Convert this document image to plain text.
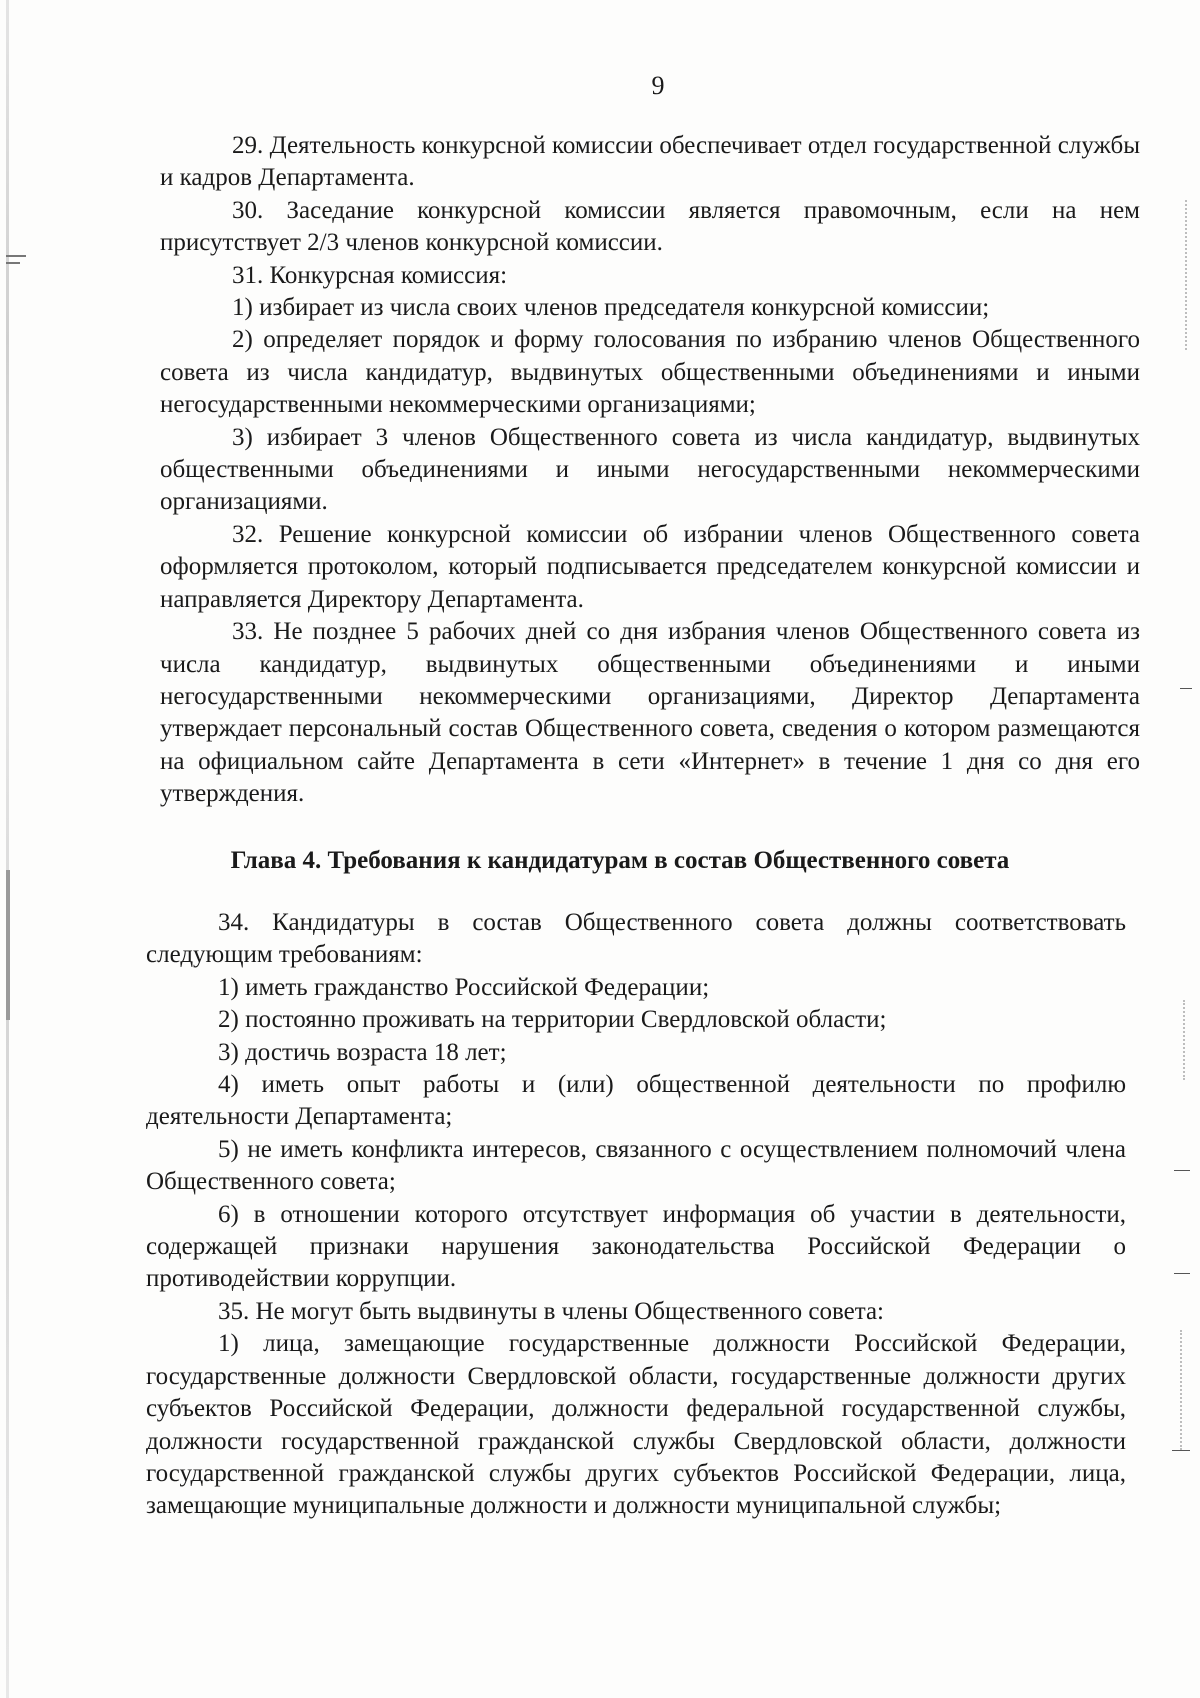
9

29. Деятельность конкурсной комиссии обеспечивает отдел государственной службы и кадров Департамента.

30. Заседание конкурсной комиссии является правомочным, если на нем присутствует 2/3 членов конкурсной комиссии.

31. Конкурсная комиссия:

1) избирает из числа своих членов председателя конкурсной комиссии;

2) определяет порядок и форму голосования по избранию членов Общественного совета из числа кандидатур, выдвинутых общественными объединениями и иными негосударственными некоммерческими организациями;

3) избирает 3 членов Общественного совета из числа кандидатур, выдвинутых общественными объединениями и иными негосударственными некоммерческими организациями.

32. Решение конкурсной комиссии об избрании членов Общественного совета оформляется протоколом, который подписывается председателем конкурсной комиссии и направляется Директору Департамента.

33. Не позднее 5 рабочих дней со дня избрания членов Общественного совета из числа кандидатур, выдвинутых общественными объединениями и иными негосударственными некоммерческими организациями, Директор Департамента утверждает персональный состав Общественного совета, сведения о котором размещаются на официальном сайте Департамента в сети «Интернет» в течение 1 дня со дня его утверждения.

Глава 4. Требования к кандидатурам в состав Общественного совета

34. Кандидатуры в состав Общественного совета должны соответствовать следующим требованиям:

1) иметь гражданство Российской Федерации;

2) постоянно проживать на территории Свердловской области;

3) достичь возраста 18 лет;

4) иметь опыт работы и (или) общественной деятельности по профилю деятельности Департамента;

5) не иметь конфликта интересов, связанного с осуществлением полномочий члена Общественного совета;

6) в отношении которого отсутствует информация об участии в деятельности, содержащей признаки нарушения законодательства Российской Федерации о противодействии коррупции.

35. Не могут быть выдвинуты в члены Общественного совета:

1) лица, замещающие государственные должности Российской Федерации, государственные должности Свердловской области, государственные должности других субъектов Российской Федерации, должности федеральной государственной службы, должности государственной гражданской службы Свердловской области, должности государственной гражданской службы других субъектов Российской Федерации, лица, замещающие муниципальные должности и должности муниципальной службы;
